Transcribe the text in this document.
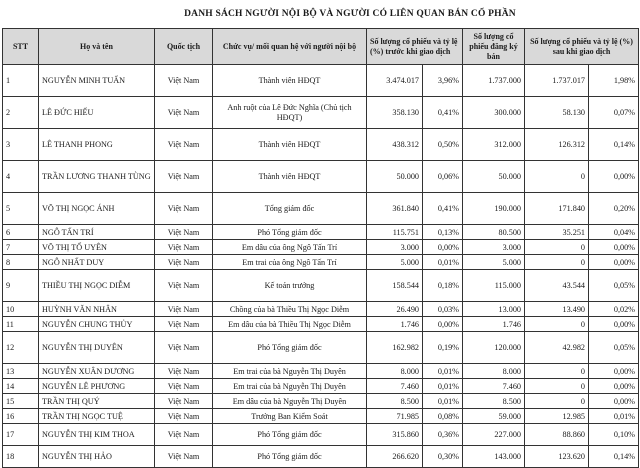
DANH SÁCH NGƯỜI NỘI BỘ VÀ NGƯỜI CÓ LIÊN QUAN BÁN CỔ PHẦN
STT	Họ và tên	Quốc tịch	Chức vụ/ mối quan hệ với người nội bộ	Số lượng cổ phiếu và tỷ lệ (%) trước khi giao dịch		Số lượng cổ phiếu đăng ký bán	Số lượng cổ phiếu và tỷ lệ (%) sau khi giao dịch	
1	NGUYỄN MINH TUẤN	Việt Nam	Thành viên HĐQT	3.474.017	3,96%	1.737.000	1.737.017	1,98%
2	LÊ ĐỨC HIẾU	Việt Nam	Anh ruột của Lê Đức Nghĩa (Chủ tịch HĐQT)	358.130	0,41%	300.000	58.130	0,07%
3	LÊ THANH PHONG	Việt Nam	Thành viên HĐQT	438.312	0,50%	312.000	126.312	0,14%
4	TRẦN LƯƠNG THANH TÙNG	Việt Nam	Thành viên HĐQT	50.000	0,06%	50.000	0	0,00%
5	VÕ THỊ NGỌC ÁNH	Việt Nam	Tổng giám đốc	361.840	0,41%	190.000	171.840	0,20%
6	NGÔ TẤN TRÍ	Việt Nam	Phó Tổng giám đốc	115.751	0,13%	80.500	35.251	0,04%
7	VÕ THỊ TỐ UYÊN	Việt Nam	Em dâu của ông Ngô Tấn Trí	3.000	0,00%	3.000	0	0,00%
8	NGÔ NHẤT DUY	Việt Nam	Em trai của ông Ngô Tấn Trí	5.000	0,01%	5.000	0	0,00%
9	THIỀU THỊ NGỌC DIỄM	Việt Nam	Kế toán trưởng	158.544	0,18%	115.000	43.544	0,05%
10	HUỲNH VĂN NHÂN	Việt Nam	Chồng của bà Thiều Thị Ngọc Diễm	26.490	0,03%	13.000	13.490	0,02%
11	NGUYỄN CHUNG THỦY	Việt Nam	Em dâu của bà Thiều Thị Ngọc Diễm	1.746	0,00%	1.746	0	0,00%
12	NGUYỄN THỊ DUYÊN	Việt Nam	Phó Tổng giám đốc	162.982	0,19%	120.000	42.982	0,05%
13	NGUYỄN XUÂN DƯƠNG	Việt Nam	Em trai của bà Nguyễn Thị Duyên	8.000	0,01%	8.000	0	0,00%
14	NGUYỄN LÊ PHƯƠNG	Việt Nam	Em trai của bà Nguyễn Thị Duyên	7.460	0,01%	7.460	0	0,00%
15	TRẦN THỊ QUÝ	Việt Nam	Em dâu của bà Nguyễn Thị Duyên	8.500	0,01%	8.500	0	0,00%
16	TRẦN THỊ NGỌC TUỆ	Việt Nam	Trưởng Ban Kiểm Soát	71.985	0,08%	59.000	12.985	0,01%
17	NGUYỄN THỊ KIM THOA	Việt Nam	Phó Tổng giám đốc	315.860	0,36%	227.000	88.860	0,10%
18	NGUYỄN THỊ HẢO	Việt Nam	Phó Tổng giám đốc	266.620	0,30%	143.000	123.620	0,14%
